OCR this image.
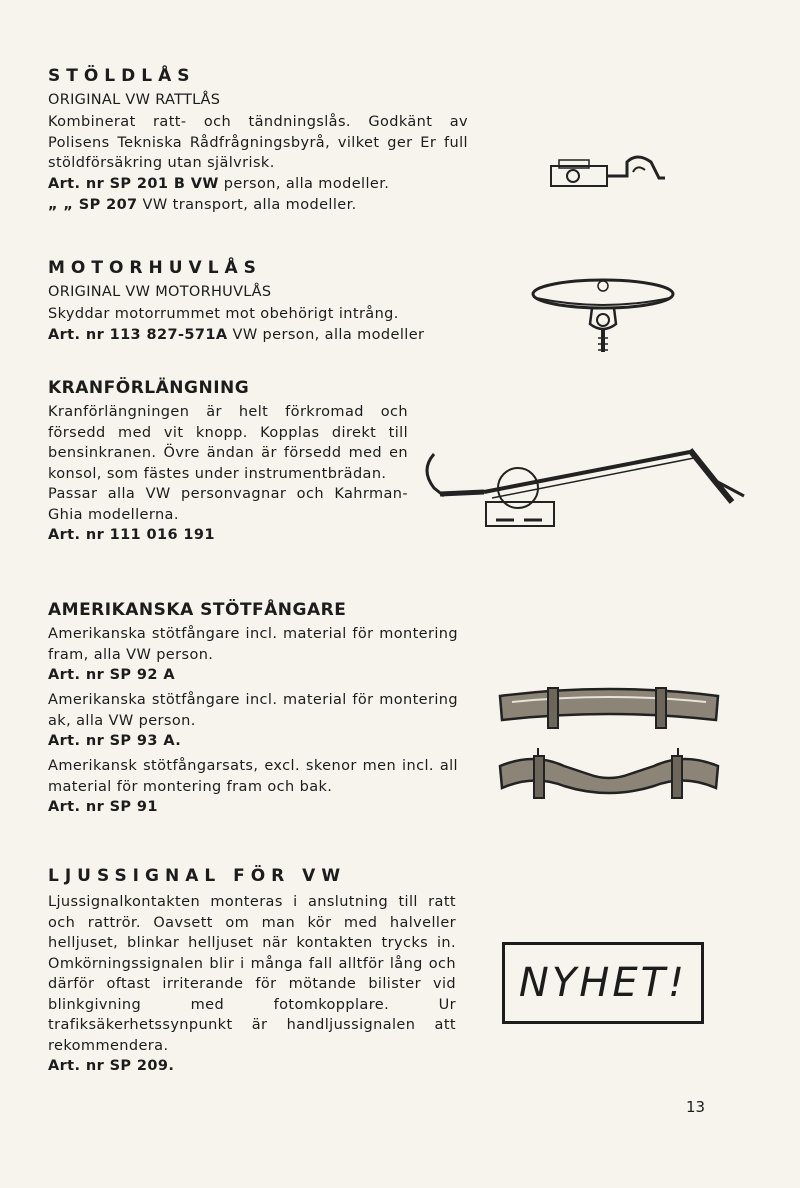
STÖLDLÅS
ORIGINAL VW RATTLÅS

Kombinerat ratt- och tändningslås. Godkänt av Polisens Tekniska Rådfrågningsbyrå, vilket ger Er full stöldförsäkring utan självrisk.

Art. nr SP 201 B VW person, alla modeller.

„ „ SP 207 VW transport, alla modeller.

MOTORHUVLÅS
ORIGINAL VW MOTORHUVLÅS

Skyddar motorrummet mot obehörigt intrång.

Art. nr 113 827-571A VW person, alla modeller

KRANFÖRLÄNGNING

Kranförlängningen är helt förkromad och försedd med vit knopp. Kopplas direkt till bensinkranen. Övre ändan är försedd med en konsol, som fästes under instrumentbrädan.

Passar alla VW personvagnar och Kahrman-Ghia modellerna.

Art. nr 111 016 191

AMERIKANSKA STÖTFÅNGARE

Amerikanska stötfångare incl. material för montering fram, alla VW person.

Art. nr SP 92 A

Amerikanska stötfångare incl. material för montering ak, alla VW person.

Art. nr SP 93 A.

Amerikansk stötfångarsats, excl. skenor men incl. all material för montering fram och bak.

Art. nr SP 91

LJUSSIGNAL FÖR VW

Ljussignalkontakten monteras i anslutning till ratt och rattrör. Oavsett om man kör med halvеller helljuset, blinkar helljuset när kontakten trycks in. Omkörningssignalen blir i många fall alltför lång och därför oftast irriterande för mötande bilister vid blinkgivning med fotomkopplare. Ur trafiksäkerhetssynpunkt är handljussignalen att rekommendera.

Art. nr SP 209.

NYHET!
13
